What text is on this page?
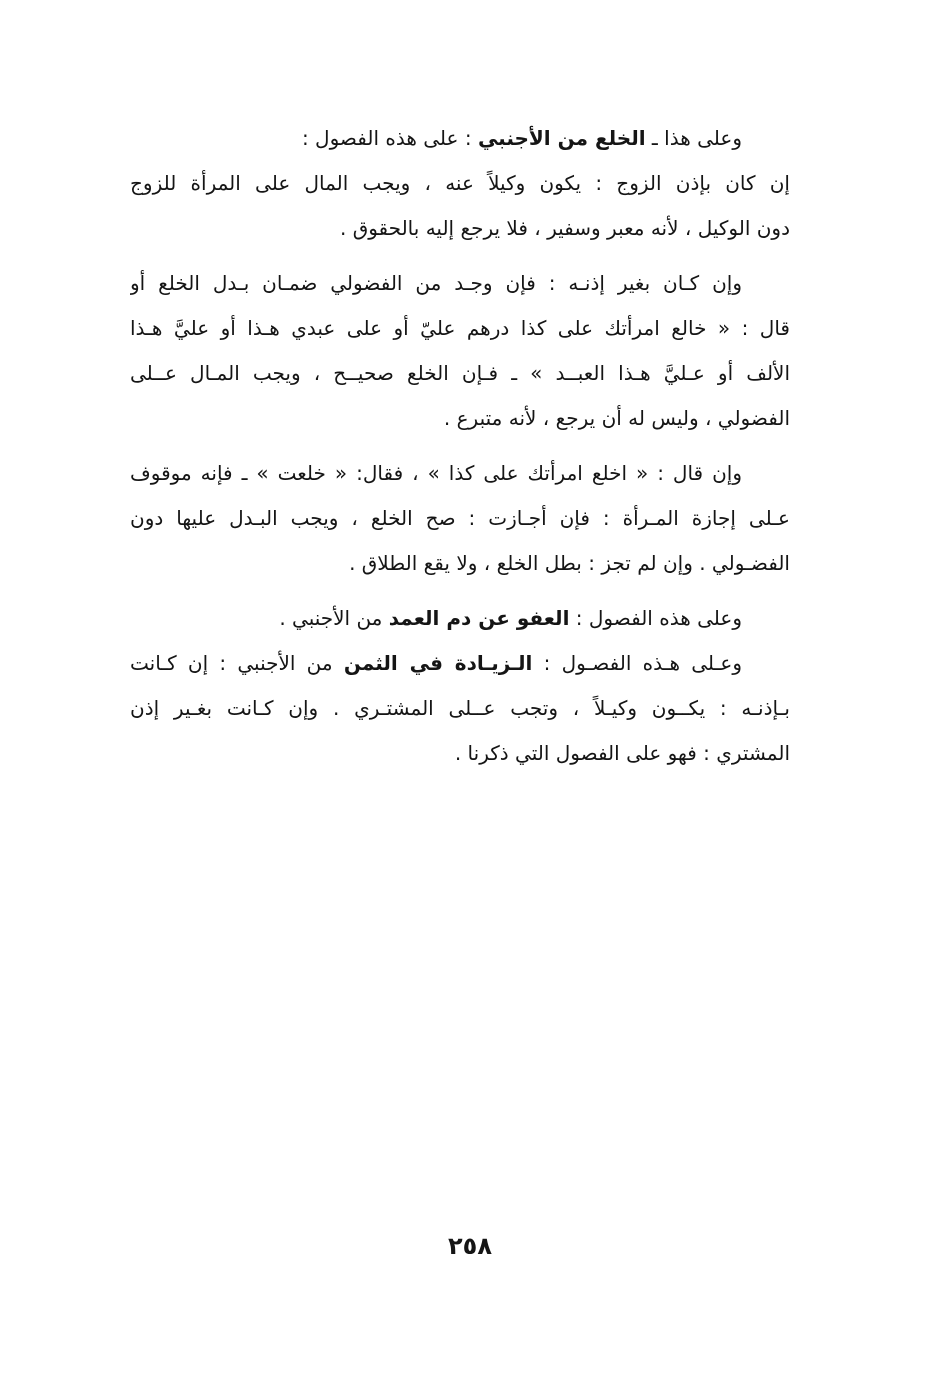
وعلى هذا ـ الخلع من الأجنبي : على هذه الفصول :
إن كان بإذن الزوج : يكون وكيلاً عنه ، ويجب المال على المرأة للزوج
دون الوكيل ، لأنه معبر وسفير ، فلا يرجع إليه بالحقوق .
وإن كـان بغير إذنـه : فإن وجـد من الفضولي ضمـان بـدل الخلع أو
قال : « خالع امرأتك على كذا درهم عليّ أو على عبدي هـذا أو عليَّ هـذا
الألف أو عـليَّ هـذا العبــد » ـ فـإن الخلع صحيــح ، ويجب المـال عــلى
الفضولي ، وليس له أن يرجع ، لأنه متبرع .
وإن قال : « اخلع امرأتك على كذا » ، فقال: « خلعت » ـ فإنه موقوف
عـلى إجازة المـرأة : فإن أجـازت : صح الخلع ، ويجب البـدل عليها دون
الفضـولي . وإن لم تجز : بطل الخلع ، ولا يقع الطلاق .
وعلى هذه الفصول : العفو عن دم العمد من الأجنبي .
وعـلى هـذه الفصـول : الـزيـادة في الثمن من الأجنبي : إن كـانت
بـإذنـه : يكــون وكيـلاً ، وتجب عــلى المشتـري . وإن كـانت بغـير إذن
المشتري : فهو على الفصول التي ذكرنا .
٢٥٨
